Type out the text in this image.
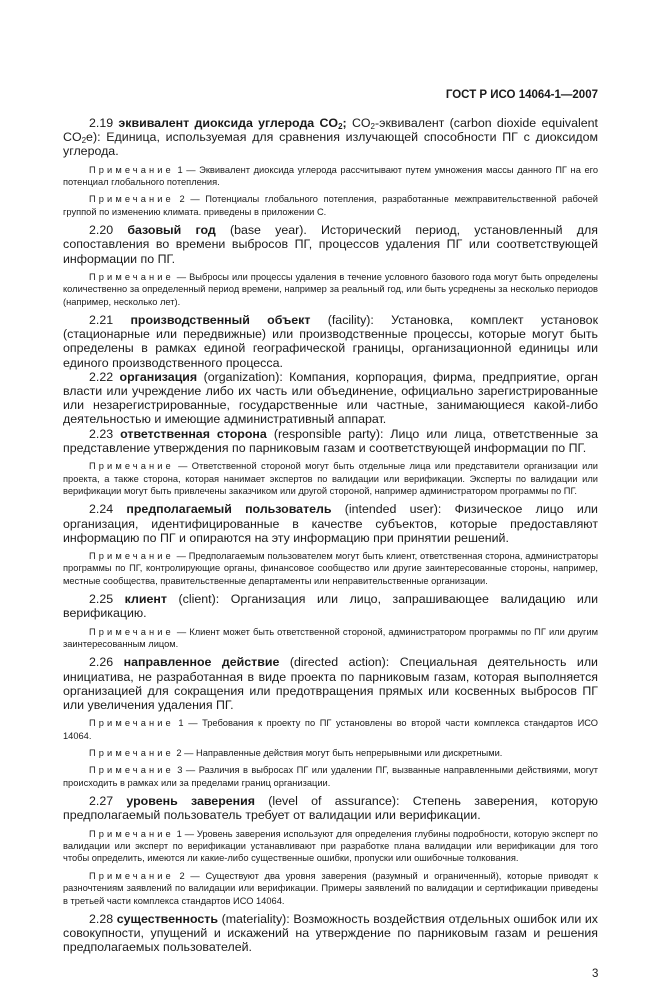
ГОСТ Р ИСО 14064-1—2007

2.19 эквивалент диоксида углерода $CO_2$; $CO_2$-эквивалент (carbon dioxide equivalent $CO_2e$): Единица, используемая для сравнения излучающей способности ПГ с диоксидом углерода.

Примечание 1 — Эквивалент диоксида углерода рассчитывают путем умножения массы данного ПГ на его потенциал глобального потепления.

Примечание 2 — Потенциалы глобального потепления, разработанные межправительственной рабочей группой по изменению климата. приведены в приложении С.

2.20 базовый год (base year). Исторический период, установленный для сопоставления во времени выбросов ПГ, процессов удаления ПГ или соответствующей информации по ПГ.

Примечание — Выбросы или процессы удаления в течение условного базового года могут быть определены количественно за определенный период времени, например за реальный год, или быть усреднены за несколько периодов (например, несколько лет).

2.21 производственный объект (facility): Установка, комплект установок (стационарные или передвижные) или производственные процессы, которые могут быть определены в рамках единой географической границы, организационной единицы или единого производственного процесса.

2.22 организация (organization): Компания, корпорация, фирма, предприятие, орган власти или учреждение либо их часть или объединение, официально зарегистрированные или незарегистрированные, государственные или частные, занимающиеся какой-либо деятельностью и имеющие административный аппарат.

2.23 ответственная сторона (responsible party): Лицо или лица, ответственные за представление утверждения по парниковым газам и соответствующей информации по ПГ.

Примечание — Ответственной стороной могут быть отдельные лица или представители организации или проекта, а также сторона, которая нанимает экспертов по валидации или верификации. Эксперты по валидации или верификации могут быть привлечены заказчиком или другой стороной, например администратором программы по ПГ.

2.24 предполагаемый пользователь (intended user): Физическое лицо или организация, идентифицированные в качестве субъектов, которые предоставляют информацию по ПГ и опираются на эту информацию при принятии решений.

Примечание — Предполагаемым пользователем могут быть клиент, ответственная сторона, администраторы программы по ПГ, контролирующие органы, финансовое сообщество или другие заинтересованные стороны, например, местные сообщества, правительственные департаменты или неправительственные организации.

2.25 клиент (client): Организация или лицо, запрашивающее валидацию или верификацию.

Примечание — Клиент может быть ответственной стороной, администратором программы по ПГ или другим заинтересованным лицом.

2.26 направленное действие (directed action): Специальная деятельность или инициатива, не разработанная в виде проекта по парниковым газам, которая выполняется организацией для сокращения или предотвращения прямых или косвенных выбросов ПГ или увеличения удаления ПГ.

Примечание 1 — Требования к проекту по ПГ установлены во второй части комплекса стандартов ИСО 14064.

Примечание 2 — Направленные действия могут быть непрерывными или дискретными.

Примечание 3 — Различия в выбросах ПГ или удалении ПГ, вызванные направленными действиями, могут происходить в рамках или за пределами границ организации.

2.27 уровень заверения (level of assurance): Степень заверения, которую предполагаемый пользователь требует от валидации или верификации.

Примечание 1 — Уровень заверения используют для определения глубины подробности, которую эксперт по валидации или эксперт по верификации устанавливают при разработке плана валидации или верификации для того чтобы определить, имеются ли какие-либо существенные ошибки, пропуски или ошибочные толкования.

Примечание 2 — Существуют два уровня заверения (разумный и ограниченный), которые приводят к разночтениям заявлений по валидации или верификации. Примеры заявлений по валидации и сертификации приведены в третьей части комплекса стандартов ИСО 14064.

2.28 существенность (materiality): Возможность воздействия отдельных ошибок или их совокупности, упущений и искажений на утверждение по парниковым газам и решения предполагаемых пользователей.

3
